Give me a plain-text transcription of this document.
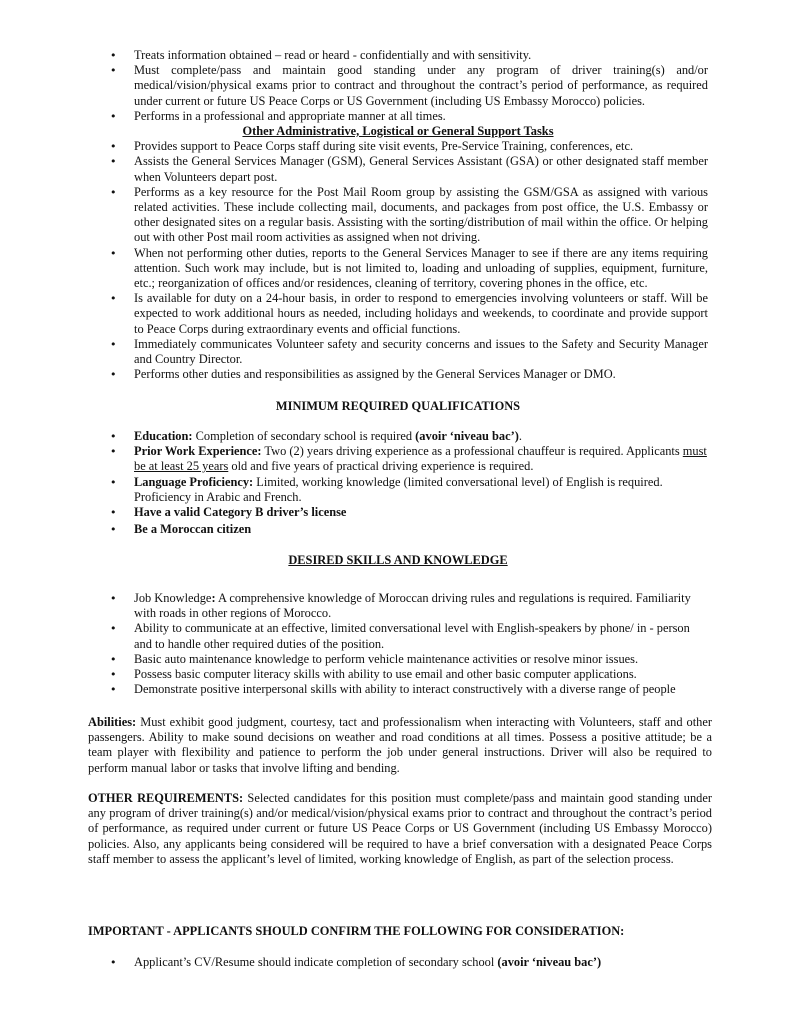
• Treats information obtained – read or heard - confidentially and with sensitivity.
• Must complete/pass and maintain good standing under any program of driver training(s) and/or medical/vision/physical exams prior to contract and throughout the contract’s period of performance, as required under current or future US Peace Corps or US Government (including US Embassy Morocco) policies.
• Performs in a professional and appropriate manner at all times.
Other Administrative, Logistical or General Support Tasks
• Provides support to Peace Corps staff during site visit events, Pre-Service Training, conferences, etc.
• Assists the General Services Manager (GSM), General Services Assistant (GSA) or other designated staff member when Volunteers depart post.
• Performs as a key resource for the Post Mail Room group by assisting the GSM/GSA as assigned with various related activities. These include collecting mail, documents, and packages from post office, the U.S. Embassy or other designated sites on a regular basis. Assisting with the sorting/distribution of mail within the office. Or helping out with other Post mail room activities as assigned when not driving.
• When not performing other duties, reports to the General Services Manager to see if there are any items requiring attention. Such work may include, but is not limited to, loading and unloading of supplies, equipment, furniture, etc.; reorganization of offices and/or residences, cleaning of territory, covering phones in the office, etc.
• Is available for duty on a 24-hour basis, in order to respond to emergencies involving volunteers or staff. Will be expected to work additional hours as needed, including holidays and weekends, to coordinate and provide support to Peace Corps during extraordinary events and official functions.
• Immediately communicates Volunteer safety and security concerns and issues to the Safety and Security Manager and Country Director.
• Performs other duties and responsibilities as assigned by the General Services Manager or DMO.
MINIMUM REQUIRED QUALIFICATIONS
• Education: Completion of secondary school is required (avoir ‘niveau bac’).
• Prior Work Experience: Two (2) years driving experience as a professional chauffeur is required. Applicants must be at least 25 years old and five years of practical driving experience is required.
• Language Proficiency: Limited, working knowledge (limited conversational level) of English is required. Proficiency in Arabic and French.
• Have a valid Category B driver’s license
• Be a Moroccan citizen
DESIRED SKILLS AND KNOWLEDGE
• Job Knowledge: A comprehensive knowledge of Moroccan driving rules and regulations is required. Familiarity with roads in other regions of Morocco.
• Ability to communicate at an effective, limited conversational level with English-speakers by phone/ in - person and to handle other required duties of the position.
• Basic auto maintenance knowledge to perform vehicle maintenance activities or resolve minor issues.
• Possess basic computer literacy skills with ability to use email and other basic computer applications.
• Demonstrate positive interpersonal skills with ability to interact constructively with a diverse range of people
Abilities: Must exhibit good judgment, courtesy, tact and professionalism when interacting with Volunteers, staff and other passengers. Ability to make sound decisions on weather and road conditions at all times. Possess a positive attitude; be a team player with flexibility and patience to perform the job under general instructions. Driver will also be required to perform manual labor or tasks that involve lifting and bending.
OTHER REQUIREMENTS: Selected candidates for this position must complete/pass and maintain good standing under any program of driver training(s) and/or medical/vision/physical exams prior to contract and throughout the contract’s period of performance, as required under current or future US Peace Corps or US Government (including US Embassy Morocco) policies. Also, any applicants being considered will be required to have a brief conversation with a designated Peace Corps staff member to assess the applicant’s level of limited, working knowledge of English, as part of the selection process.
IMPORTANT - APPLICANTS SHOULD CONFIRM THE FOLLOWING FOR CONSIDERATION:
• Applicant’s CV/Resume should indicate completion of secondary school (avoir ‘niveau bac’)
